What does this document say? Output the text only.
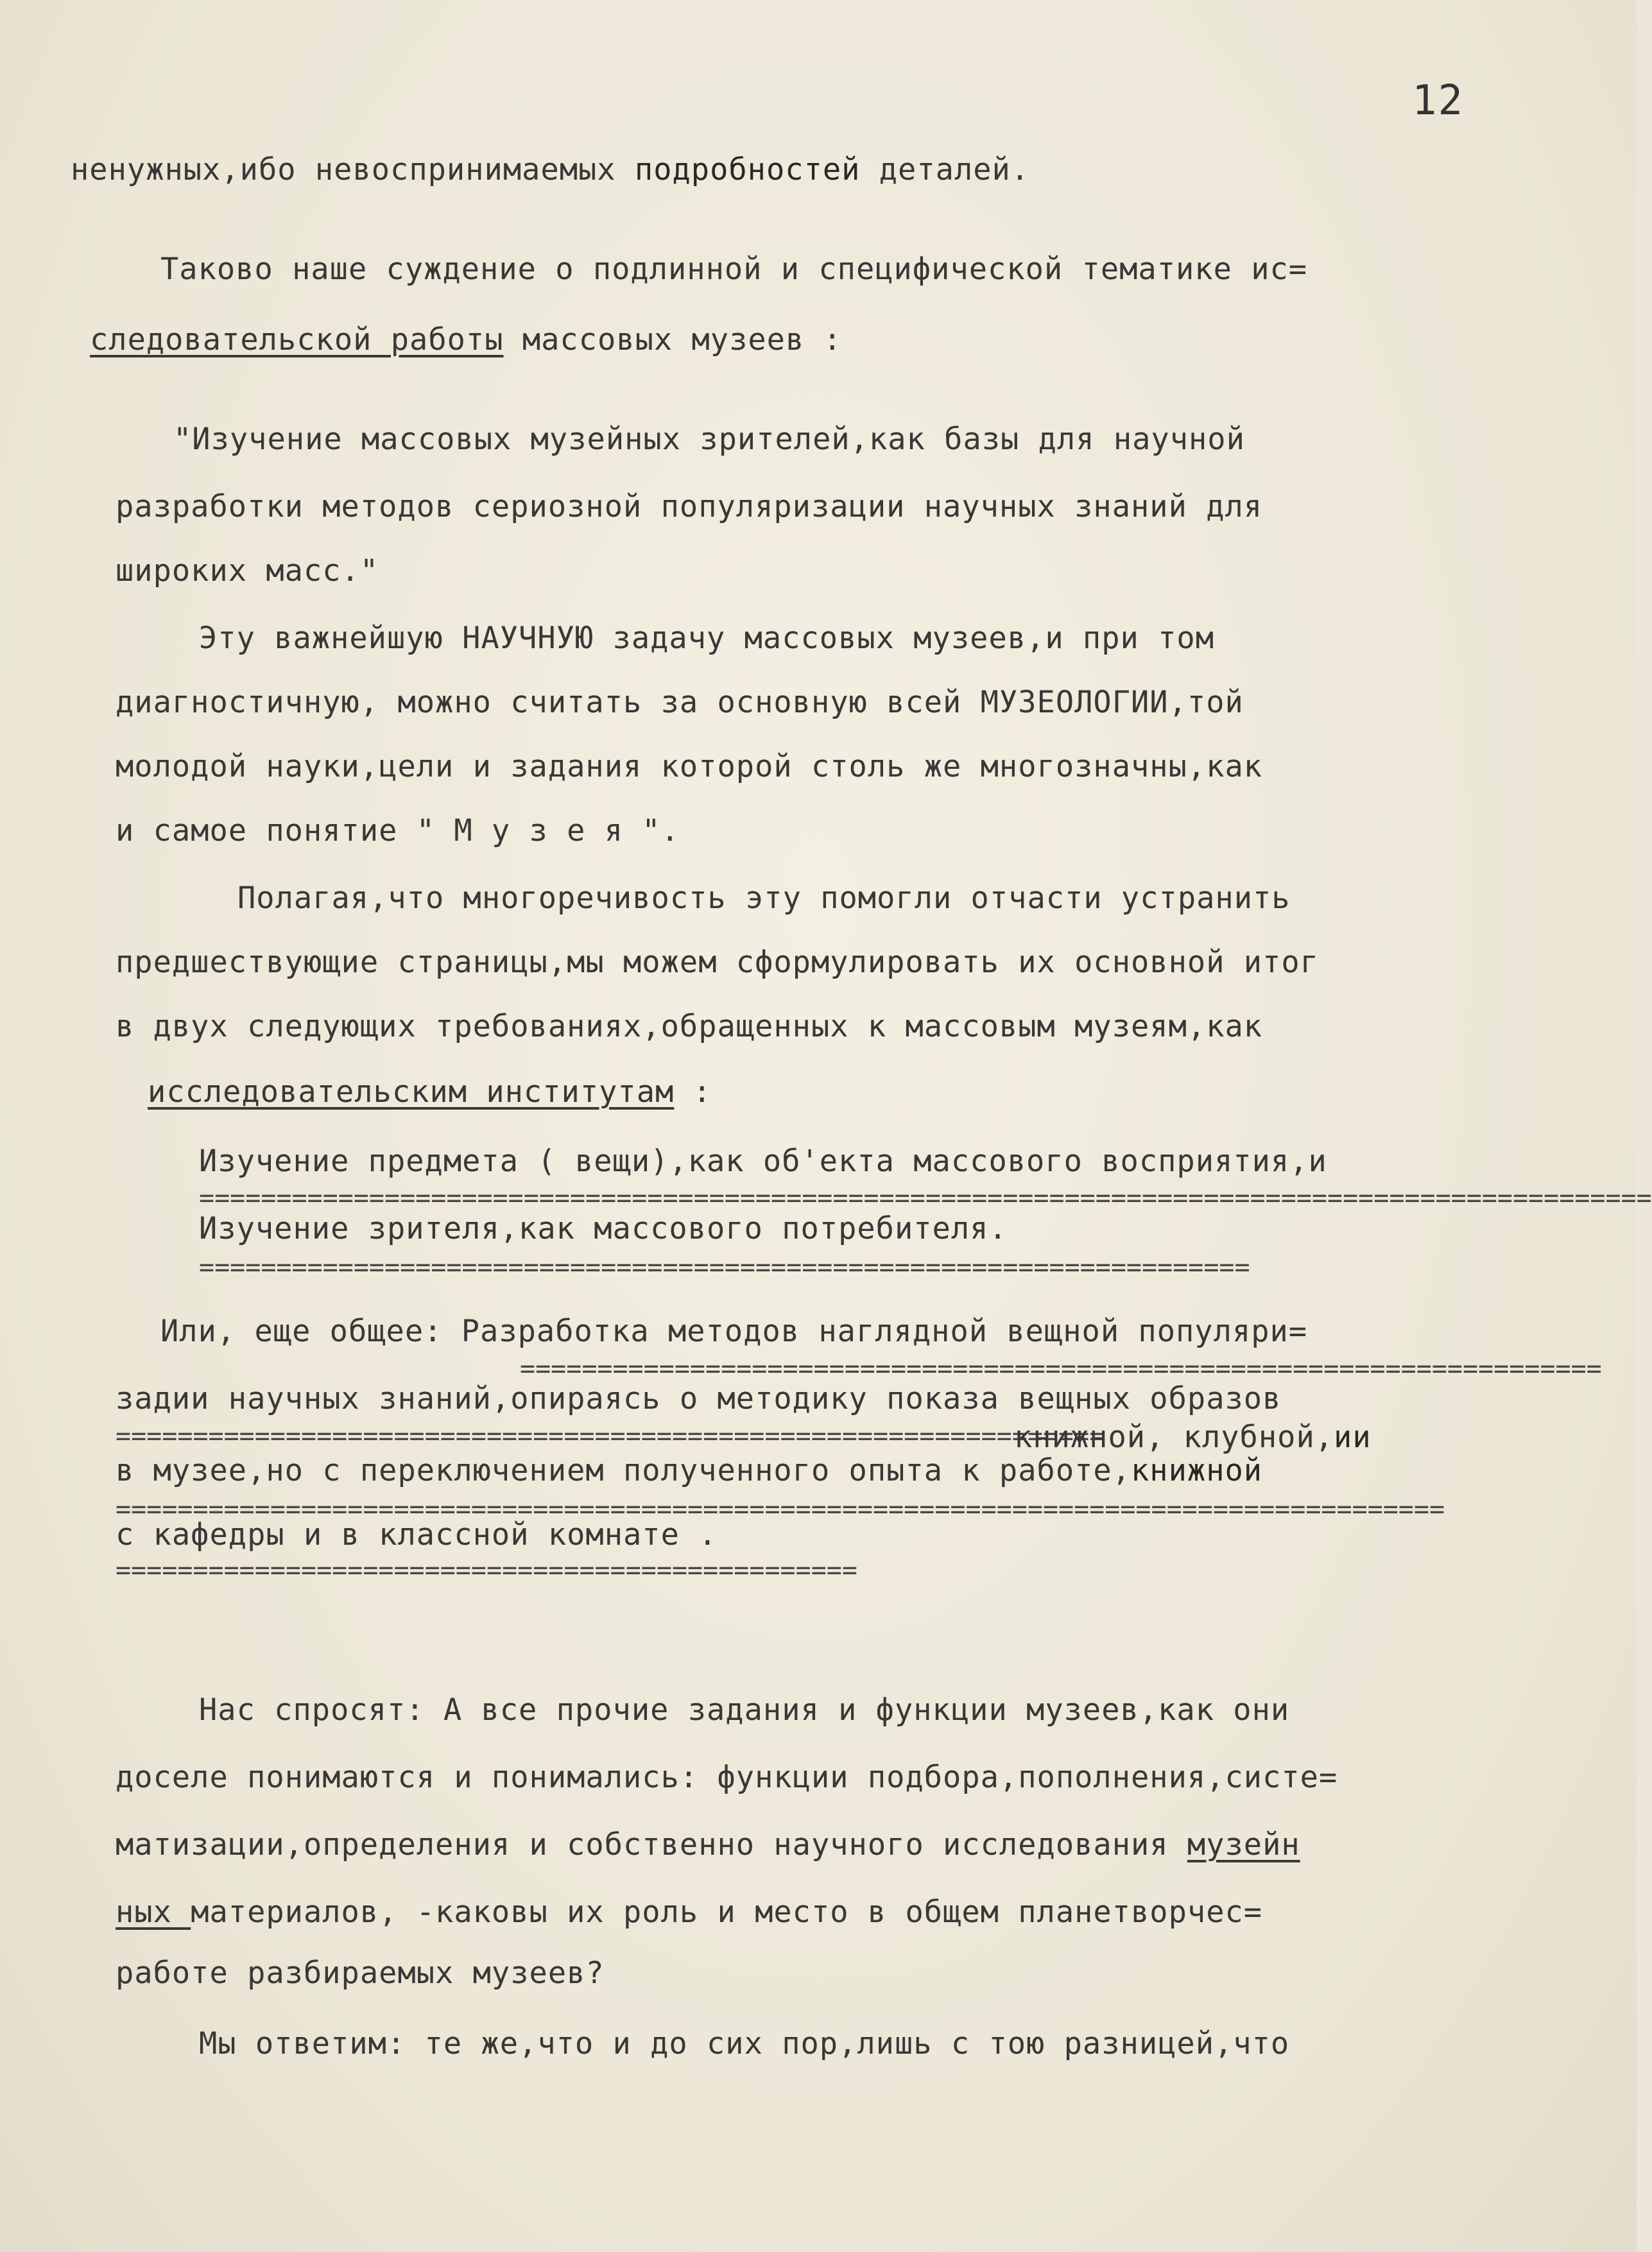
12
ненужных,ибо невоспринимаемых подробностей деталей.
Таково наше суждение о подлинной и специфической тематике ис=
следовательской работы массовых музеев :
"Изучение массовых музейных зрителей,как базы для научной
разработки методов сериозной популяризации научных знаний для
широких масс."
Эту важнейшую НАУЧНУЮ задачу массовых музеев,и при том
диагностичную, можно считать за основную всей МУЗЕОЛОГИИ,той
молодой науки,цели и задания которой столь же многозначны,как
и самое понятие " М у з е я ".
Полагая,что многоречивость эту помогли отчасти устранить
предшествующие страницы,мы можем сформулировать их основной итог
в двух следующих требованиях,обращенных к массовым музеям,как
исследовательским институтам :
Изучение предмета ( вещи),как об'екта массового восприятия,и
==============================================================================================
Изучение зрителя,как массового потребителя.
====================================================================
Или, еще общее: Разработка методов наглядной вещной популяри=
======================================================================
задии научных знаний,опираясь о методику показа вещных образов
================================================================
книжной, клубной,ии
в музее,но с переключением полученного опыта к работе,книжной
======================================================================================
с кафедры и в классной комнате .
================================================
Нас спросят: А все прочие задания и функции музеев,как они
доселе понимаются и понимались: функции подбора,пополнения,систе=
матизации,определения и собственно научного исследования музейн
ных материалов, -каковы их роль и место в общем планетворчес=
работе разбираемых музеев?
Мы ответим: те же,что и до сих пор,лишь с тою разницей,что
